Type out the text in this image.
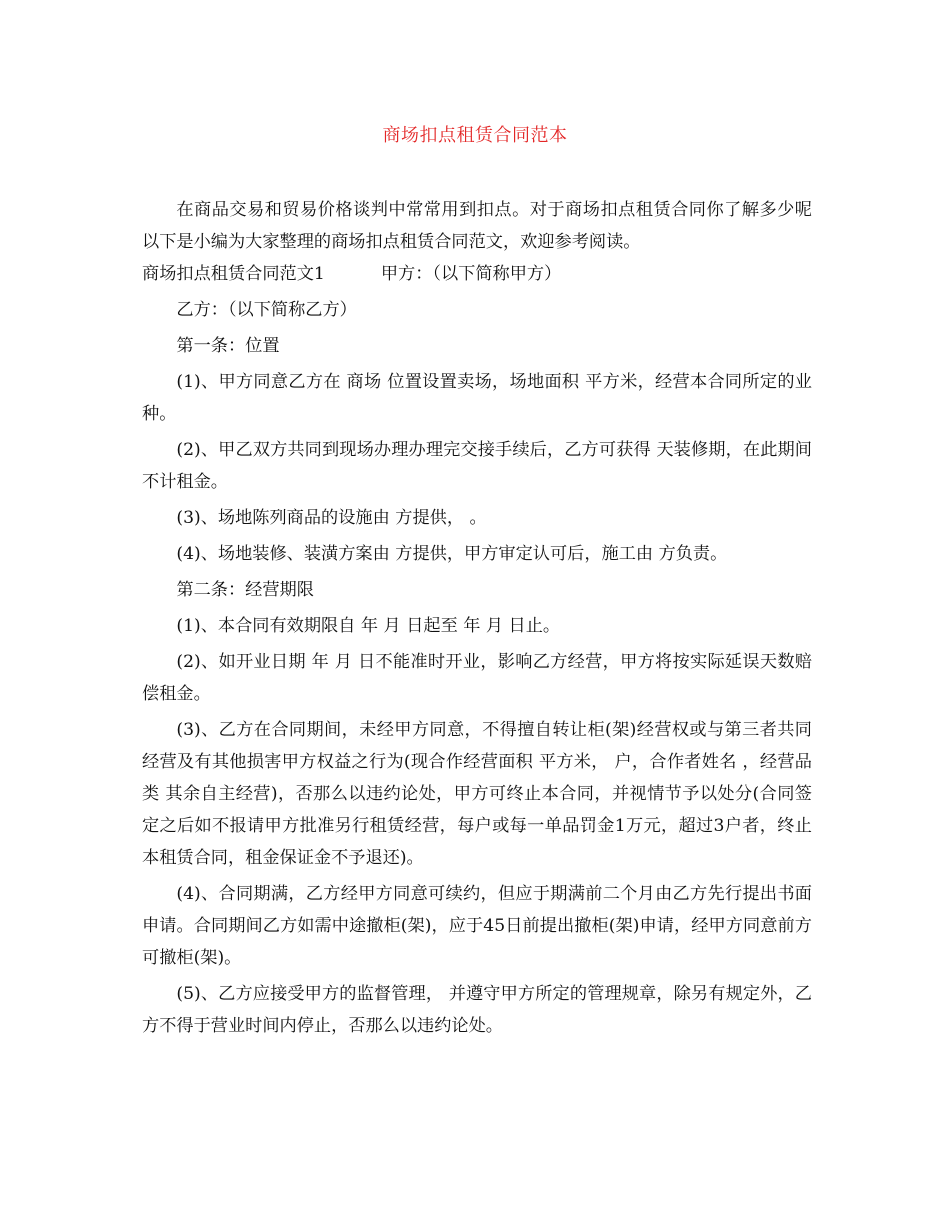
商场扣点租赁合同范本

在商品交易和贸易价格谈判中常常用到扣点。对于商场扣点租赁合同你了解多少呢以下是小编为大家整理的商场扣点租赁合同范文，欢迎参考阅读。

商场扣点租赁合同范文1	甲方：（以下简称甲方）

乙方：（以下简称乙方）

第一条：位置

(1)、甲方同意乙方在 商场 位置设置卖场，场地面积 平方米，经营本合同所定的业种。

(2)、甲乙双方共同到现场办理办理完交接手续后，乙方可获得 天装修期，在此期间不计租金。

(3)、场地陈列商品的设施由 方提供， 。

(4)、场地装修、装潢方案由 方提供，甲方审定认可后，施工由 方负责。

第二条：经营期限

(1)、本合同有效期限自 年 月 日起至 年 月 日止。

(2)、如开业日期 年 月 日不能准时开业，影响乙方经营，甲方将按实际延误天数赔偿租金。

(3)、乙方在合同期间，未经甲方同意，不得擅自转让柜(架)经营权或与第三者共同经营及有其他损害甲方权益之行为(现合作经营面积 平方米， 户，合作者姓名 ，经营品类 其余自主经营)，否那么以违约论处，甲方可终止本合同，并视情节予以处分(合同签定之后如不报请甲方批准另行租赁经营，每户或每一单品罚金1万元，超过3户者，终止本租赁合同，租金保证金不予退还)。

(4)、合同期满，乙方经甲方同意可续约，但应于期满前二个月由乙方先行提出书面申请。合同期间乙方如需中途撤柜(架)，应于45日前提出撤柜(架)申请，经甲方同意前方可撤柜(架)。

(5)、乙方应接受甲方的监督管理， 并遵守甲方所定的管理规章，除另有规定外，乙方不得于营业时间内停止，否那么以违约论处。
